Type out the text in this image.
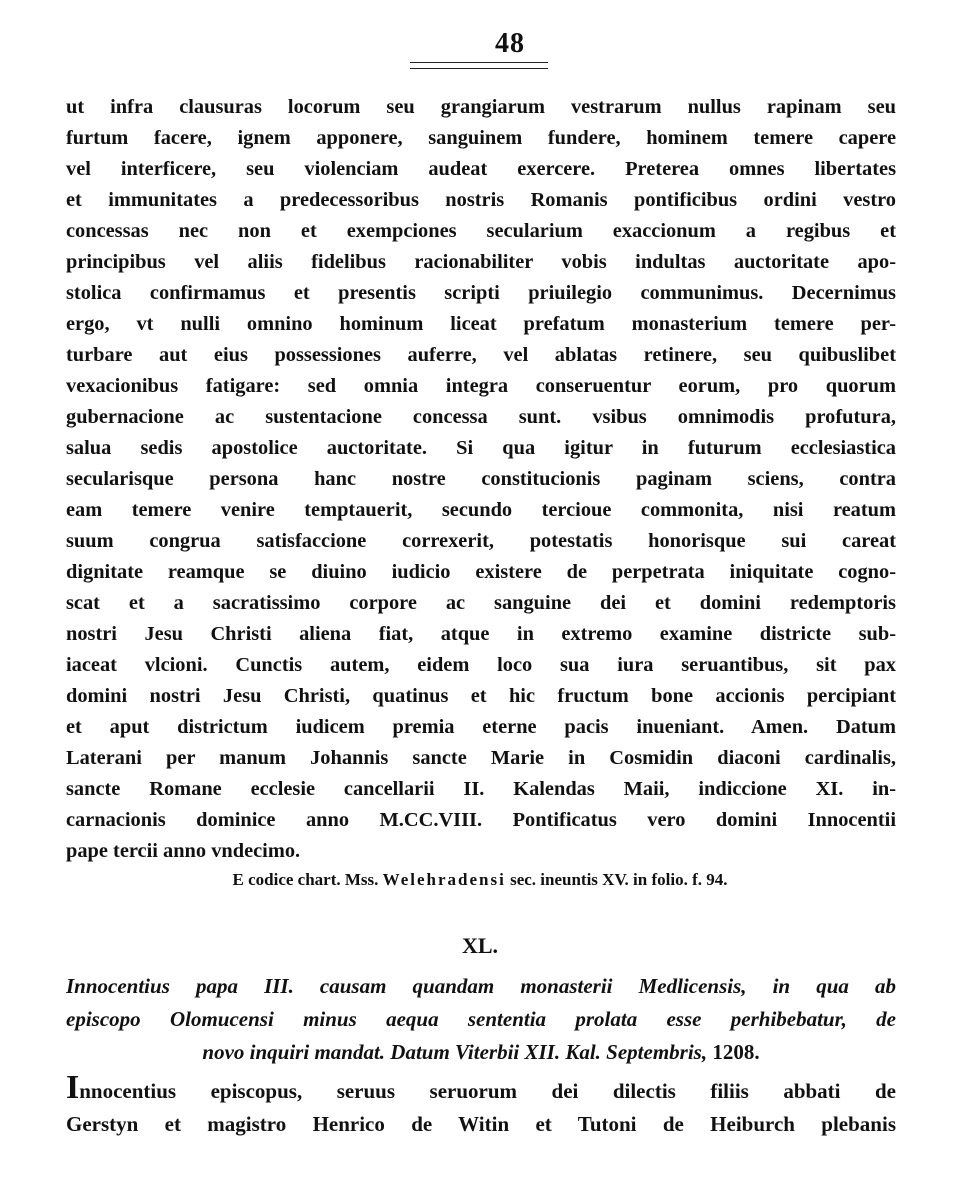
48
ut infra clausuras locorum seu grangiarum vestrarum nullus rapinam seu
furtum facere, ignem apponere, sanguinem fundere, hominem temere capere
vel interficere, seu violenciam audeat exercere. Preterea omnes libertates
et immunitates a predecessoribus nostris Romanis pontificibus ordini vestro
concessas nec non et exempciones secularium exaccionum a regibus et
principibus vel aliis fidelibus racionabiliter vobis indultas auctoritate apo-
stolica confirmamus et presentis scripti priuilegio communimus. Decernimus
ergo, vt nulli omnino hominum liceat prefatum monasterium temere per-
turbare aut eius possessiones auferre, vel ablatas retinere, seu quibuslibet
vexacionibus fatigare: sed omnia integra conseruentur eorum, pro quorum
gubernacione ac sustentacione concessa sunt. vsibus omnimodis profutura,
salua sedis apostolice auctoritate. Si qua igitur in futurum ecclesiastica
secularisque persona hanc nostre constitucionis paginam sciens, contra
eam temere venire temptauerit, secundo tercioue commonita, nisi reatum
suum congrua satisfaccione correxerit, potestatis honorisque sui careat
dignitate reamque se diuino iudicio existere de perpetrata iniquitate cogno-
scat et a sacratissimo corpore ac sanguine dei et domini redemptoris
nostri Jesu Christi aliena fiat, atque in extremo examine districte sub-
iaceat vlcioni. Cunctis autem, eidem loco sua iura seruantibus, sit pax
domini nostri Jesu Christi, quatinus et hic fructum bone accionis percipiant
et aput districtum iudicem premia eterne pacis inueniant. Amen. Datum
Laterani per manum Johannis sancte Marie in Cosmidin diaconi cardinalis,
sancte Romane ecclesie cancellarii II. Kalendas Maii, indiccione XI. in-
carnacionis dominice anno M.CC.VIII. Pontificatus vero domini Innocentii
pape tercii anno vndecimo.
E codice chart. Mss. Welehradensi sec. ineuntis XV. in folio. f. 94.
XL.
Innocentius papa III. causam quandam monasterii Medlicensis, in qua ab
episcopo Olomucensi minus aequa sententia prolata esse perhibebatur, de
novo inquiri mandat. Datum Viterbii XII. Kal. Septembris, 1208.
Innocentius episcopus, seruus seruorum dei dilectis filiis abbati de
Gerstyn et magistro Henrico de Witin et Tutoni de Heiburch plebanis
